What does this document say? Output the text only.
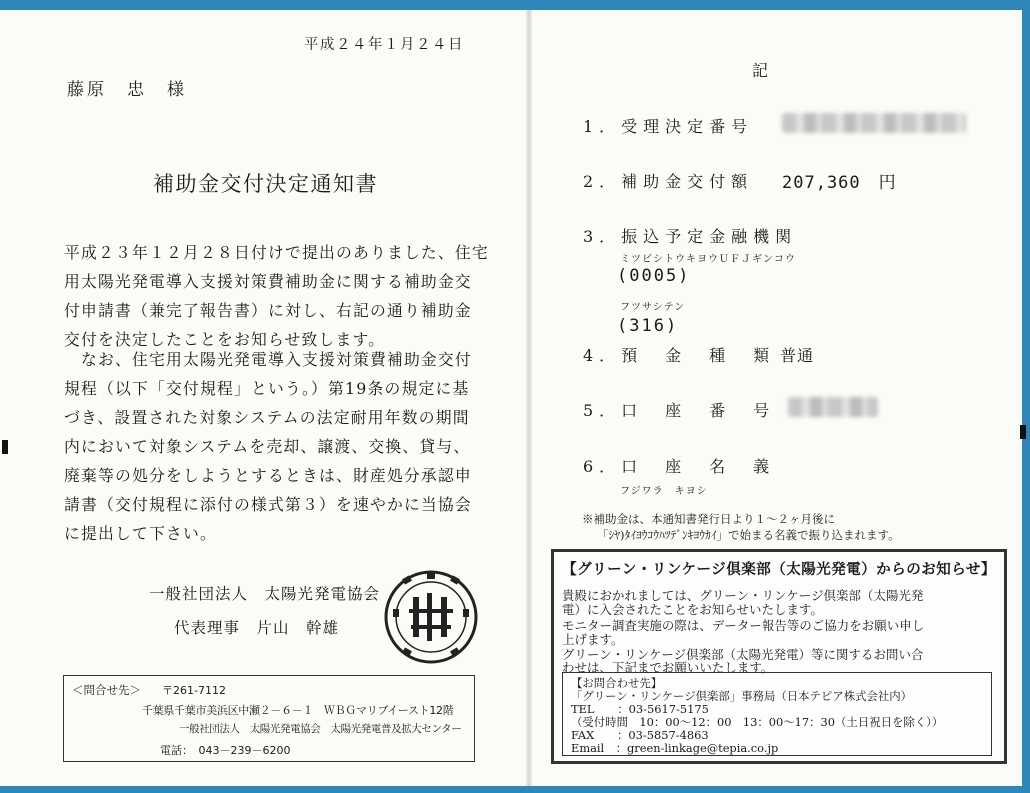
平成２４年１月２４日
藤原　忠　様
補助金交付決定通知書
平成２３年１２月２８日付けで提出のありました、住宅
用太陽光発電導入支援対策費補助金に関する補助金交
付申請書（兼完了報告書）に対し、右記の通り補助金
交付を決定したことをお知らせ致します。
　なお、住宅用太陽光発電導入支援対策費補助金交付
規程（以下「交付規程」という。）第19条の規定に基
づき、設置された対象システムの法定耐用年数の期間
内において対象システムを売却、譲渡、交換、貸与、
廃棄等の処分をしようとするときは、財産処分承認申
請書（交付規程に添付の様式第３）を速やかに当協会
に提出して下さい。
一般社団法人　太陽光発電協会
代表理事　片山　幹雄
＜問合せ先＞ 〒261-7112
千葉県千葉市美浜区中瀬２－６－１　ＷＢＧマリブイースト12階
一般社団法人　太陽光発電協会　太陽光発電普及拡大センター
電話：　043－239－6200
記
1．受理決定番号
2．補助金交付額 207,360　円
3．振込予定金融機関
ミツビシトウキヨウＵＦＪギンコウ
(0005)
フツサシテン
(316)
4．預　金　種　類 普通
5．口　座　番　号
6．口　座　名　義
フジワラ　キヨシ
※補助金は、本通知書発行日より１～２ヶ月後に
「ｼﾔ)ﾀｲﾖｳｺｳﾊﾂﾃﾞﾝｷﾖｳｶｲ」で始まる名義で振り込まれます。
【グリーン・リンケージ倶楽部（太陽光発電）からのお知らせ】
貴殿におかれましては、グリーン・リンケージ倶楽部（太陽光発
電）に入会されたことをお知らせいたします。
モニター調査実施の際は、データー報告等のご協力をお願い申し
上げます。
グリーン・リンケージ倶楽部（太陽光発電）等に関するお問い合
わせは、下記までお願いいたします。
【お問合わせ先】
「グリーン・リンケージ倶楽部」事務局（日本テピア株式会社内）
TEL　　：03-5617-5175
（受付時間　10：00～12：00　13：00～17：30（土日祝日を除く））
FAX　　：03-5857-4863
Email　：green-linkage@tepia.co.jp
